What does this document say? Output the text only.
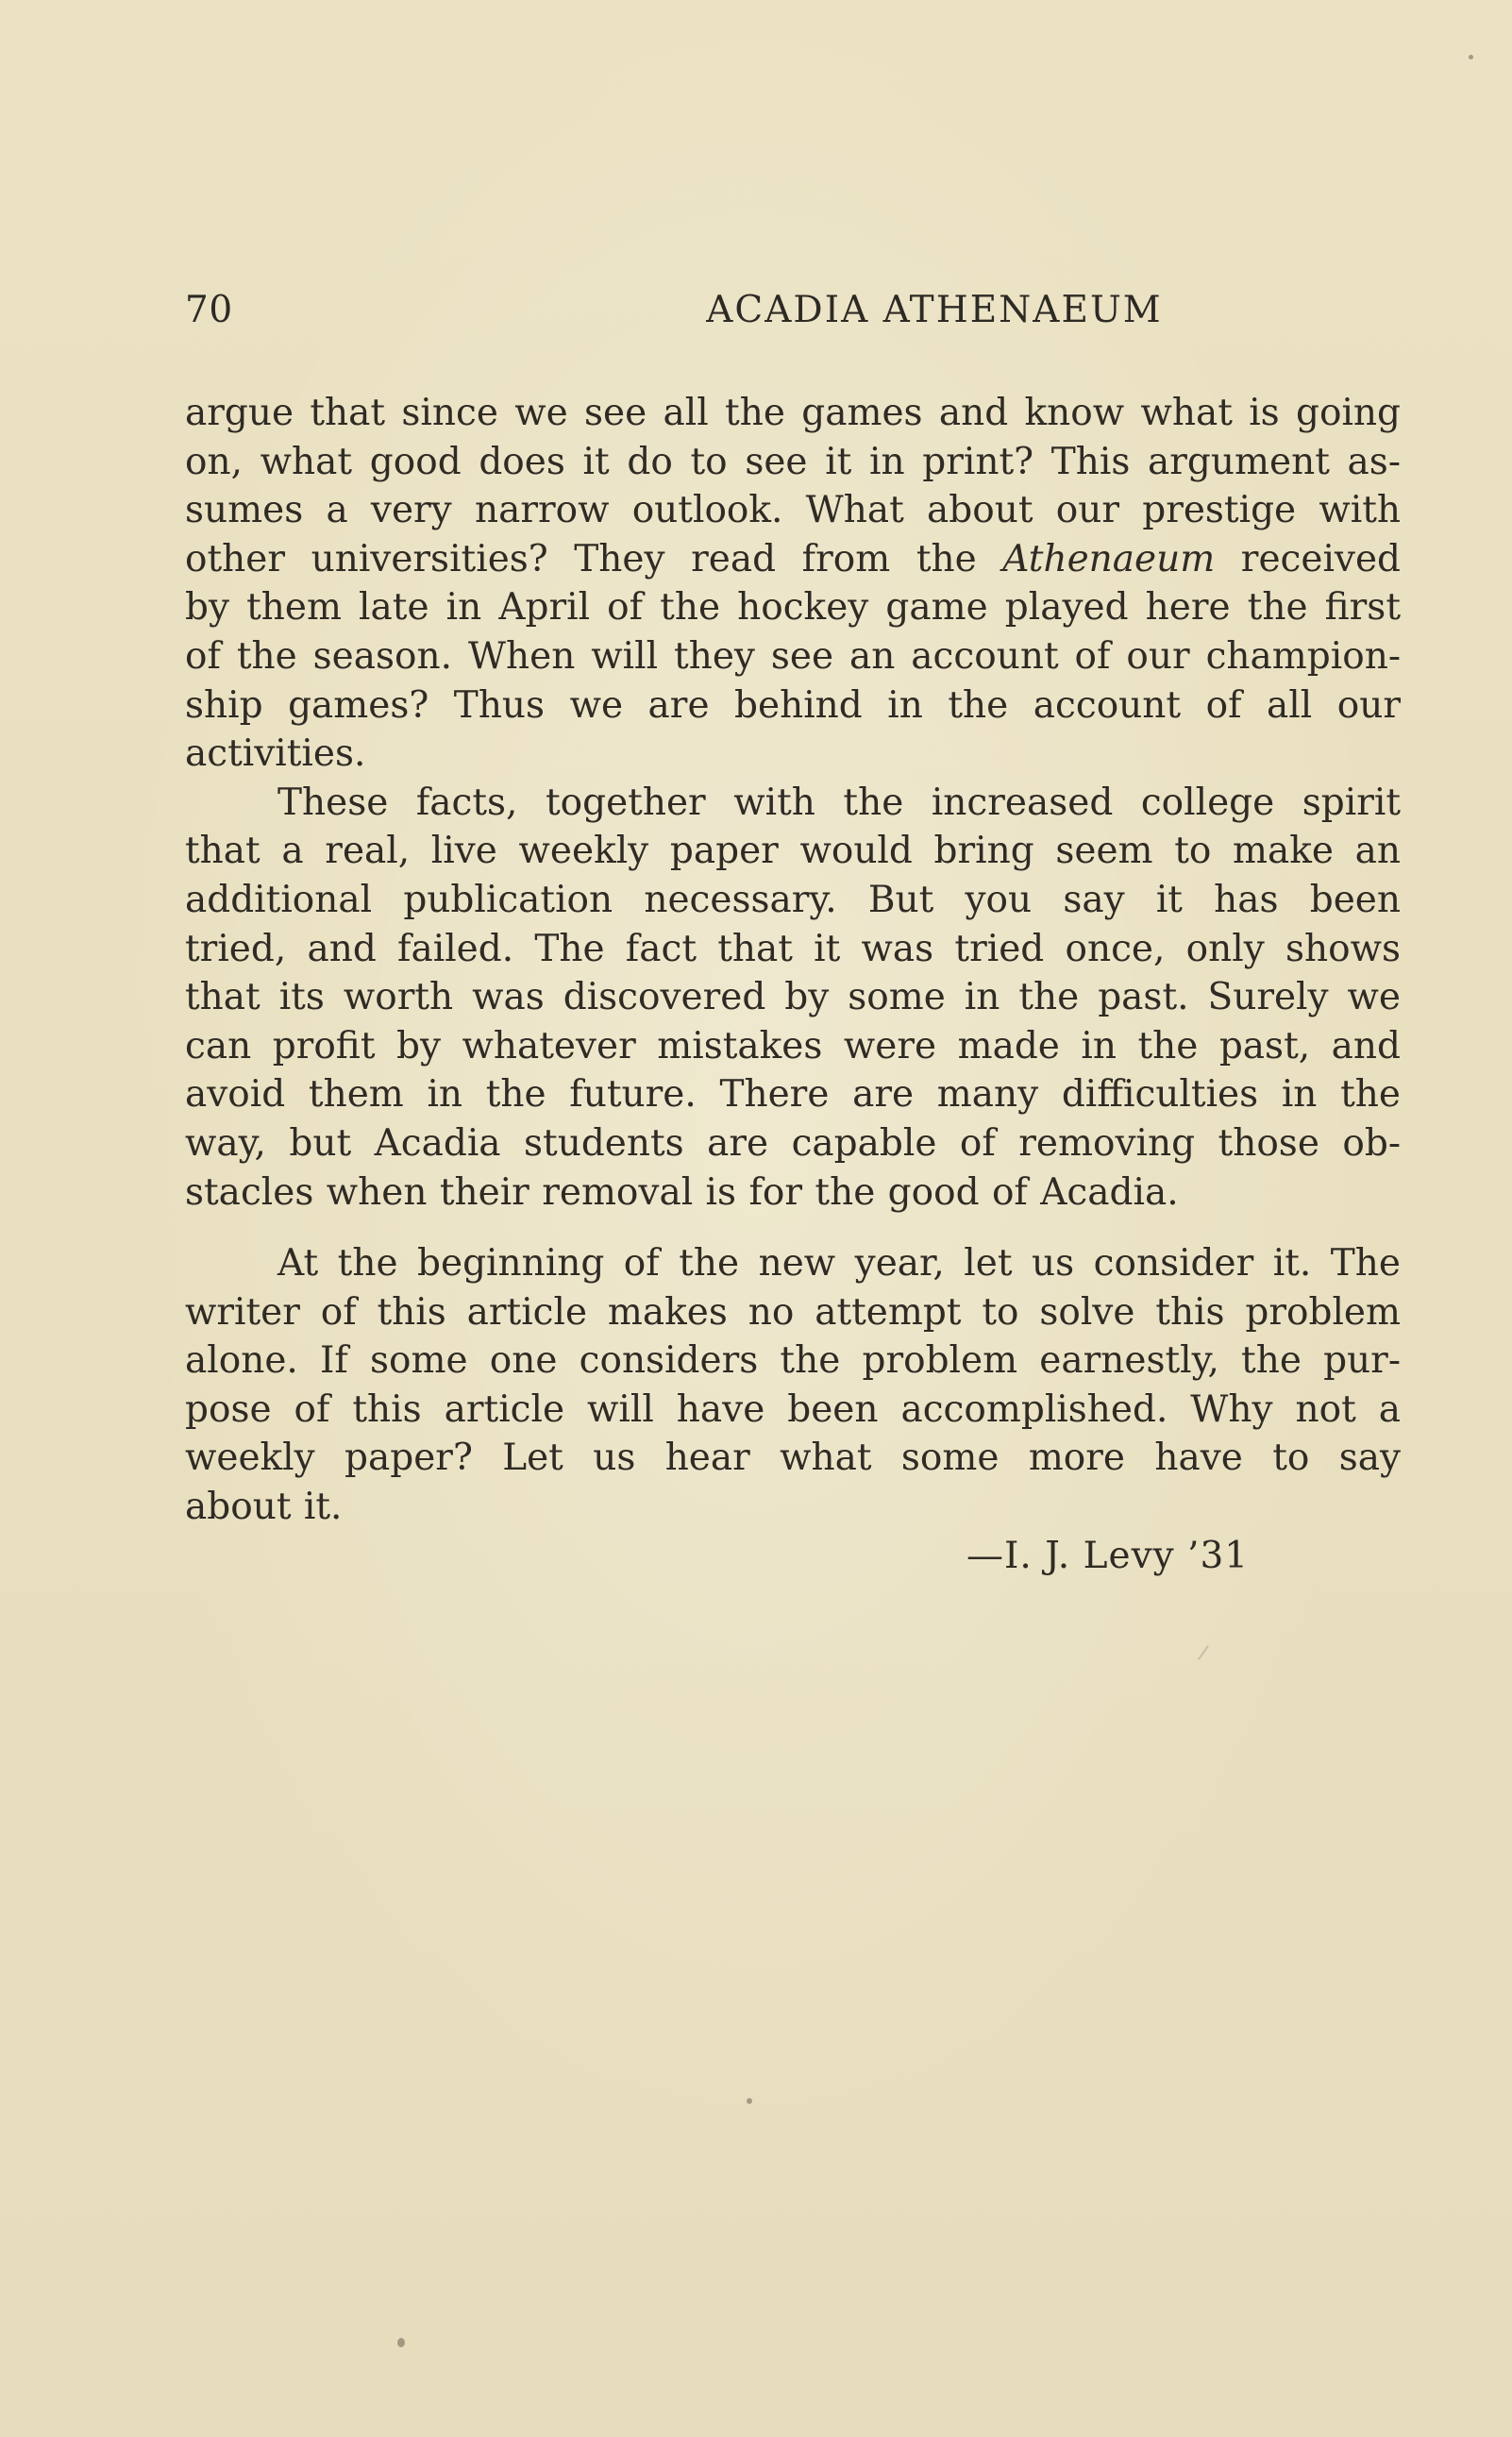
70	ACADIA ATHENAEUM
argue that since we see all the games and know what is going
on, what good does it do to see it in print? This argument as-
sumes a very narrow outlook. What about our prestige with
other universities? They read from the Athenaeum received
by them late in April of the hockey game played here the first
of the season. When will they see an account of our champion-
ship games? Thus we are behind in the account of all our
activities.
These facts, together with the increased college spirit
that a real, live weekly paper would bring seem to make an
additional publication necessary. But you say it has been
tried, and failed. The fact that it was tried once, only shows
that its worth was discovered by some in the past. Surely we
can profit by whatever mistakes were made in the past, and
avoid them in the future. There are many difficulties in the
way, but Acadia students are capable of removing those ob-
stacles when their removal is for the good of Acadia.
At the beginning of the new year, let us consider it. The
writer of this article makes no attempt to solve this problem
alone. If some one considers the problem earnestly, the pur-
pose of this article will have been accomplished. Why not a
weekly paper? Let us hear what some more have to say
about it.
—I. J. Levy ’31
